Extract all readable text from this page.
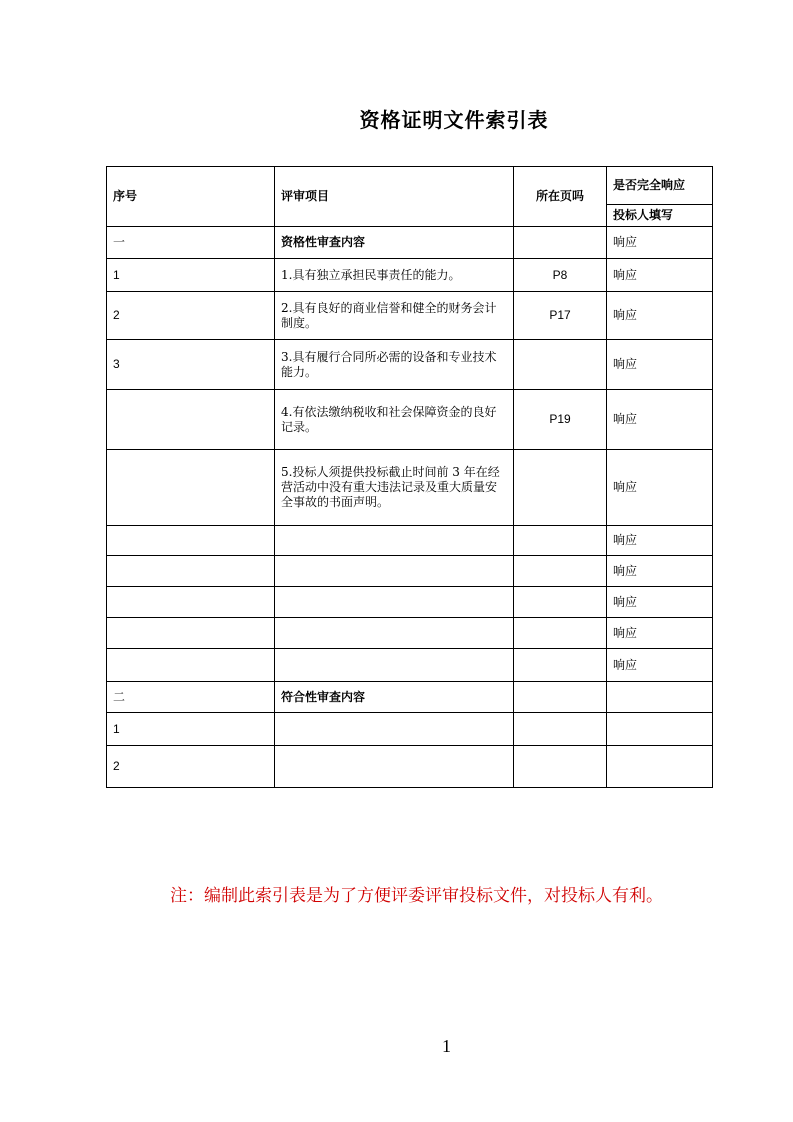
资格证明文件索引表
序号	评审项目	所在页吗	是否完全响应
			投标人填写
一	资格性审查内容		响应
1	1.具有独立承担民事责任的能力。	P8	响应
2	2.具有良好的商业信誉和健全的财务会计制度。	P17	响应
3	3.具有履行合同所必需的设备和专业技术能力。		响应
	4.有依法缴纳税收和社会保障资金的良好记录。	P19	响应
	5.投标人须提供投标截止时间前 3 年在经营活动中没有重大违法记录及重大质量安全事故的书面声明。		响应
			响应
			响应
			响应
			响应
			响应
二	符合性审查内容		
1			
2			
注：编制此索引表是为了方便评委评审投标文件，对投标人有利。
1
